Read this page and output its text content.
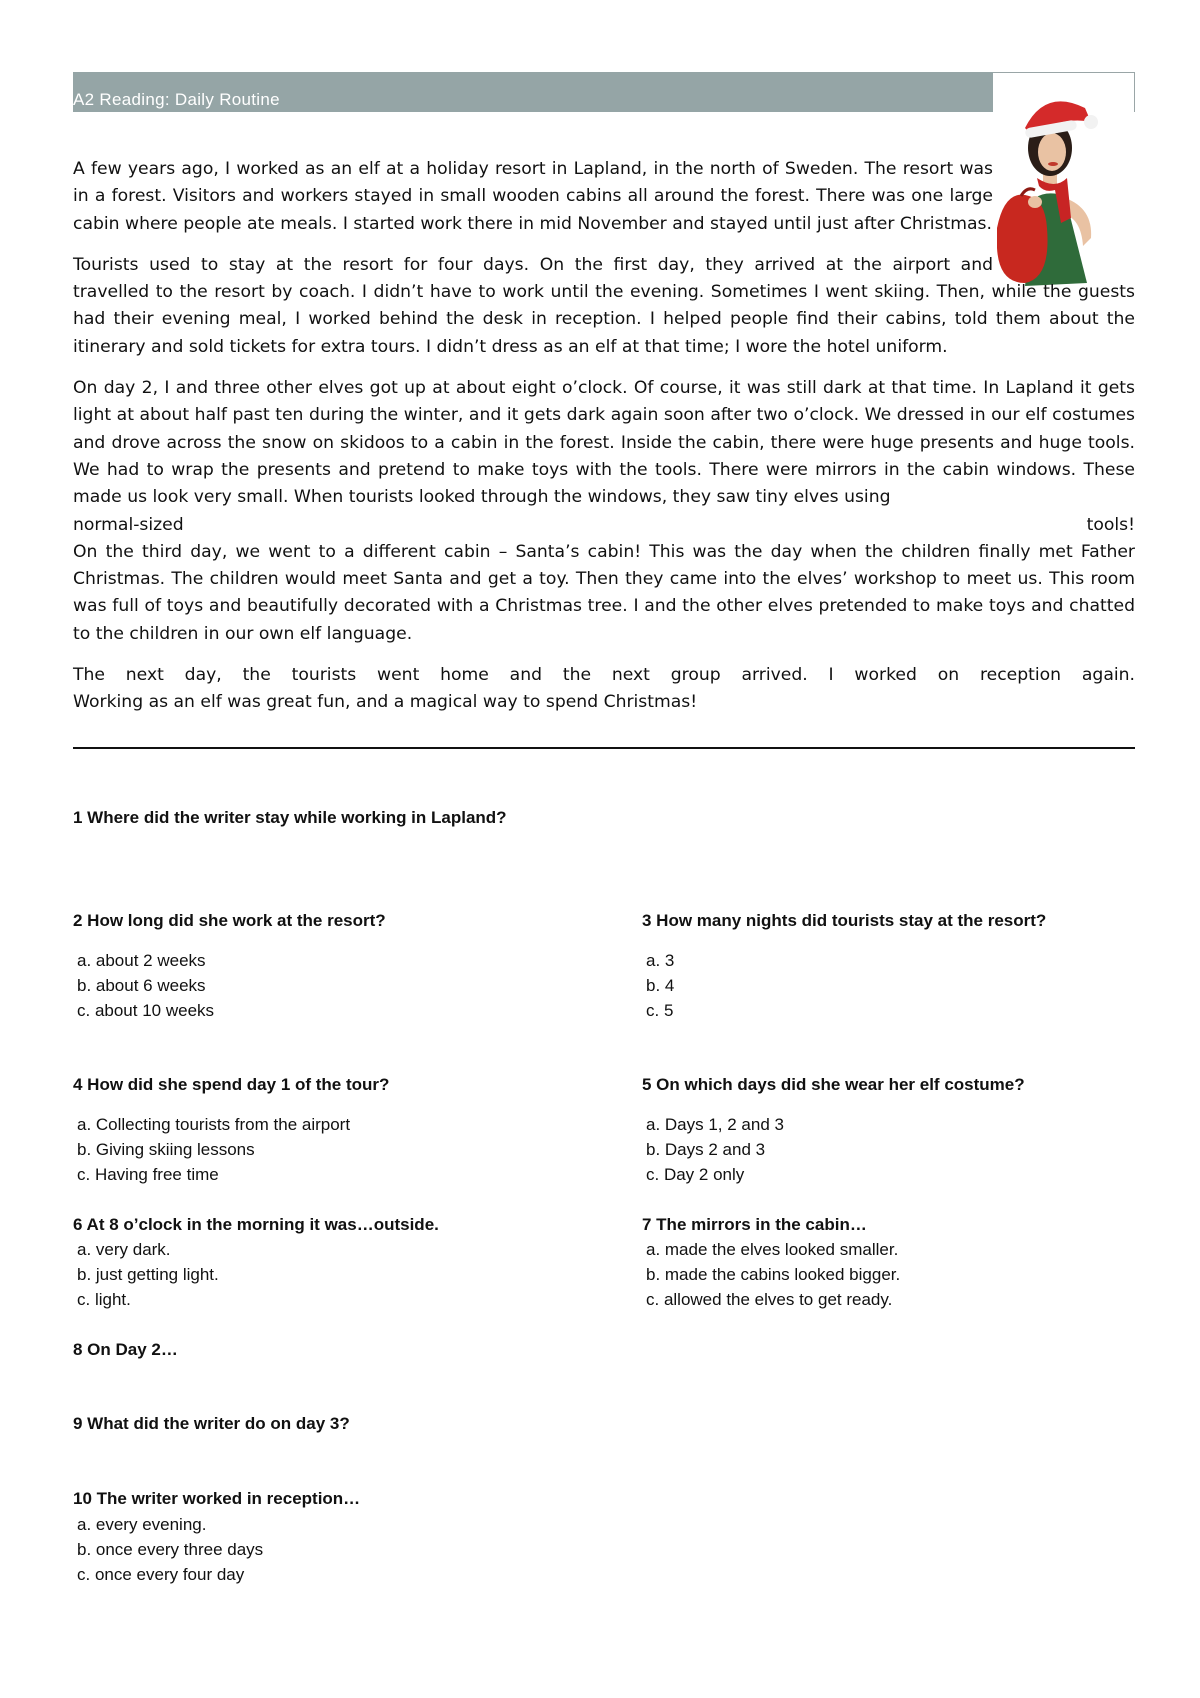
A2 Reading: Daily Routine

A few years ago, I worked as an elf at a holiday resort in Lapland, in the north of Sweden. The resort was in a forest. Visitors and workers stayed in small wooden cabins all around the forest. There was one large cabin where people ate meals. I started work there in mid November and stayed until just after Christmas.

Tourists used to stay at the resort for four days. On the first day, they arrived at the airport and
travelled to the resort by coach. I didn’t have to work until the evening. Sometimes I went skiing. Then, while the guests had their evening meal, I worked behind the desk in reception. I helped people find their cabins, told them about the itinerary and sold tickets for extra tours. I didn’t dress as an elf at that time; I wore the hotel uniform.

On day 2, I and three other elves got up at about eight o’clock. Of course, it was still dark at that time. In Lapland it gets light at about half past ten during the winter, and it gets dark again soon after two o’clock. We dressed in our elf costumes and drove across the snow on skidoos to a cabin in the forest. Inside the cabin, there were huge presents and huge tools. We had to wrap the presents and pretend to make toys with the tools. There were mirrors in the cabin windows. These made us look very small. When tourists looked through the windows, they saw tiny elves using

normal-sized	tools!

On the third day, we went to a different cabin – Santa’s cabin! This was the day when the children finally met Father Christmas. The children would meet Santa and get a toy. Then they came into the elves’ workshop to meet us. This room was full of toys and beautifully decorated with a Christmas tree. I and the other elves pretended to make toys and chatted to the children in our own elf language.

The next day, the tourists went home and the next group arrived. I worked on reception again.
Working as an elf was great fun, and a magical way to spend Christmas!
1 Where did the writer stay while working in Lapland?
2 How long did she work at the resort?
a. about 2 weeks
b. about 6 weeks
c. about 10 weeks
3 How many nights did tourists stay at the resort?
a. 3
b. 4
c. 5
4 How did she spend day 1 of the tour?
a. Collecting tourists from the airport
b. Giving skiing lessons
c. Having free time
5 On which days did she wear her elf costume?
a. Days 1, 2 and 3
b. Days 2 and 3
c. Day 2 only
6 At 8 o’clock in the morning it was…outside.
a. very dark.
b. just getting light.
c. light.
7 The mirrors in the cabin…
a. made the elves looked smaller.
b. made the cabins looked bigger.
c. allowed the elves to get ready.
8 On Day 2…
9 What did the writer do on day 3?
10 The writer worked in reception…
a. every evening.
b. once every three days
c. once every four day
